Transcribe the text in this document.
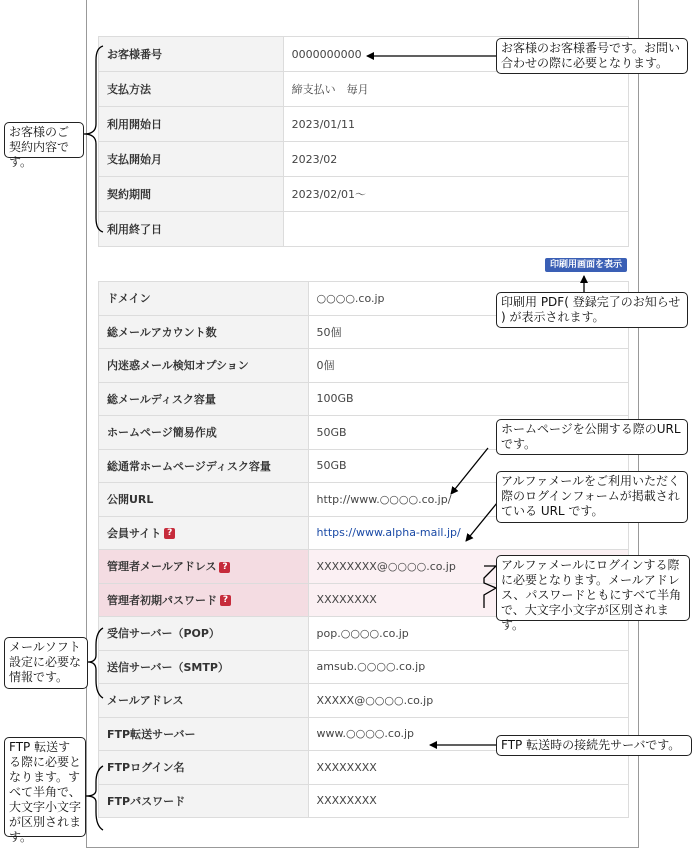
お客様番号	0000000000
支払方法	締支払い　毎月
利用開始日	2023/01/11
支払開始月	2023/02
契約期間	2023/02/01～
利用終了日	
印刷用画面を表示
ドメイン	○○○○.co.jp
総メールアカウント数	50個
内迷惑メール検知オプション	0個
総メールディスク容量	100GB
ホームページ簡易作成	50GB
総通常ホームページディスク容量	50GB
公開URL	http://www.○○○○.co.jp/
会員サイト ?	https://www.alpha-mail.jp/
管理者メールアドレス ?	XXXXXXXX@○○○○.co.jp
管理者初期パスワード ?	XXXXXXXX
受信サーバー（POP）	pop.○○○○.co.jp
送信サーバー（SMTP）	amsub.○○○○.co.jp
メールアドレス	XXXXX@○○○○.co.jp
FTP転送サーバー	www.○○○○.co.jp
FTPログイン名	XXXXXXXX
FTPパスワード	XXXXXXXX
お客様のお客様番号です。お問い合わせの際に必要となります。
お客様のご契約内容です。
印刷用 PDF( 登録完了のお知らせ ) が表示されます。
ホームページを公開する際のURLです。
アルファメールをご利用いただく際のログインフォームが掲載されている URL です。
アルファメールにログインする際に必要となります。メールアドレス、パスワードともにすべて半角で、大文字小文字が区別されます。
メールソフト設定に必要な情報です。
FTP 転送時の接続先サーバです。
FTP 転送する際に必要となります。すべて半角で、大文字小文字が区別されます。
